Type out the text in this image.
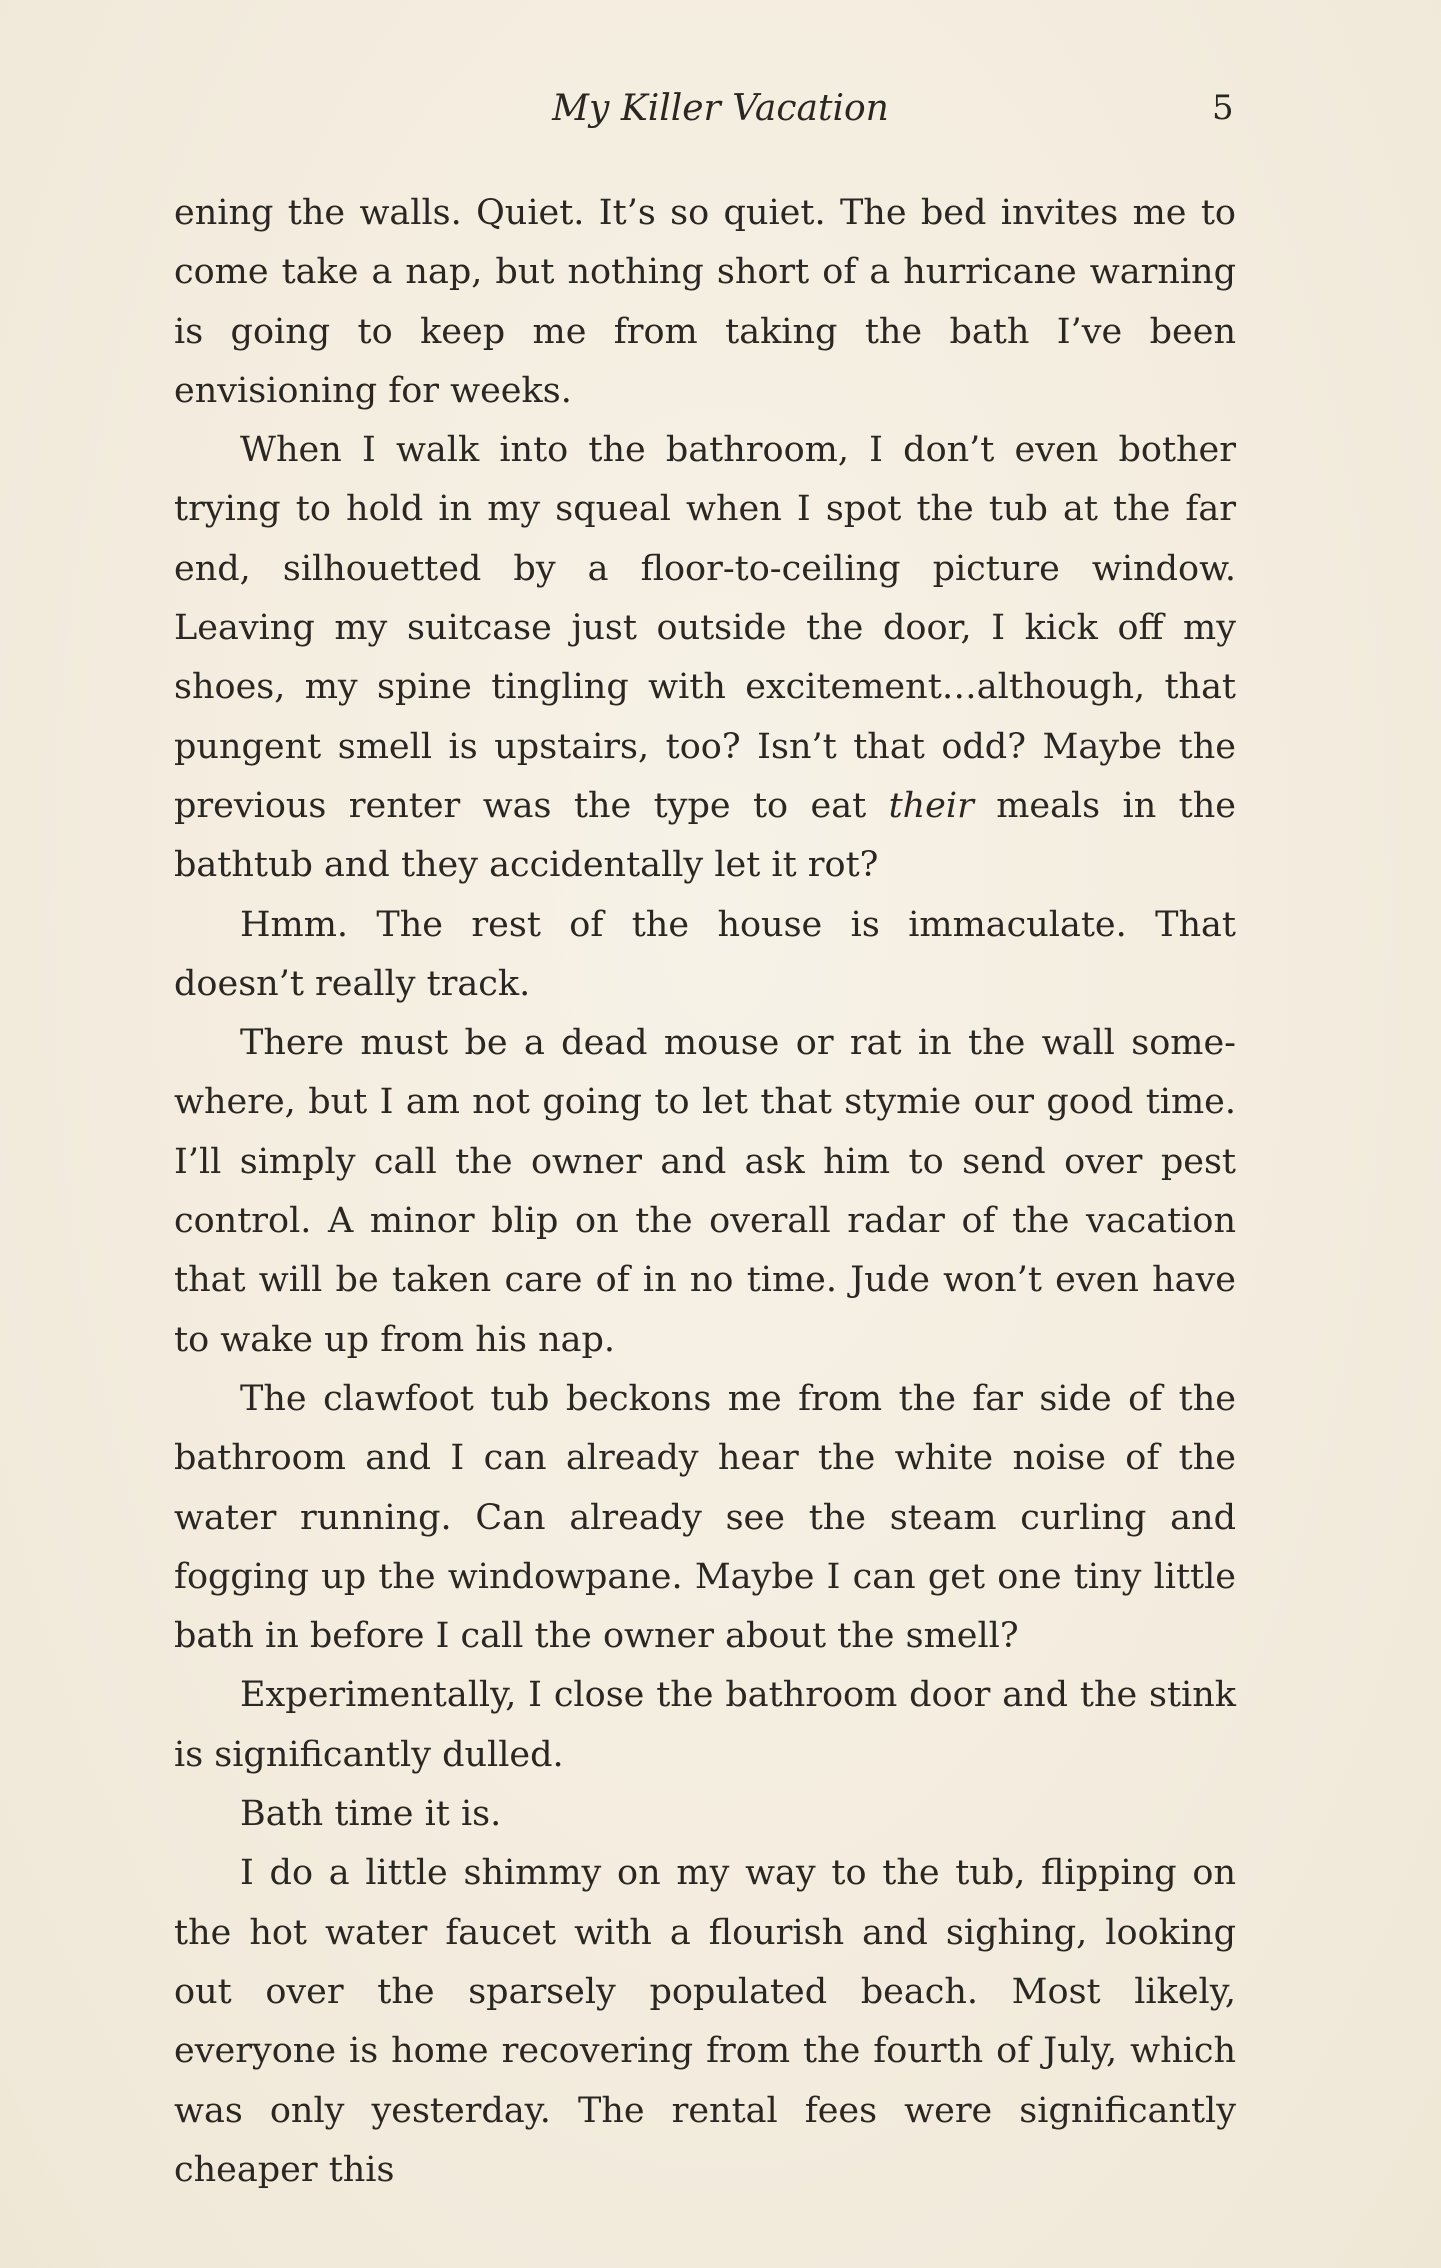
My Killer Vacation	5

ening the walls. Quiet. It’s so quiet. The bed invites me to come take a nap, but nothing short of a hurricane warning is going to keep me from taking the bath I’ve been envisioning for weeks.

When I walk into the bathroom, I don’t even bother trying to hold in my squeal when I spot the tub at the far end, silhouetted by a floor-to-ceiling picture window. Leaving my suitcase just outside the door, I kick off my shoes, my spine tingling with excitement…although, that pungent smell is upstairs, too? Isn’t that odd? Maybe the previous renter was the type to eat their meals in the bathtub and they accidentally let it rot?

Hmm. The rest of the house is immaculate. That doesn’t really track.

There must be a dead mouse or rat in the wall somewhere, but I am not going to let that stymie our good time. I’ll simply call the owner and ask him to send over pest control. A minor blip on the overall radar of the vacation that will be taken care of in no time. Jude won’t even have to wake up from his nap.

The clawfoot tub beckons me from the far side of the bathroom and I can already hear the white noise of the water running. Can already see the steam curling and fogging up the windowpane. Maybe I can get one tiny little bath in before I call the owner about the smell?

Experimentally, I close the bathroom door and the stink is significantly dulled.

Bath time it is.

I do a little shimmy on my way to the tub, flipping on the hot water faucet with a flourish and sighing, looking out over the sparsely populated beach. Most likely, everyone is home recovering from the fourth of July, which was only yesterday. The rental fees were significantly cheaper this
